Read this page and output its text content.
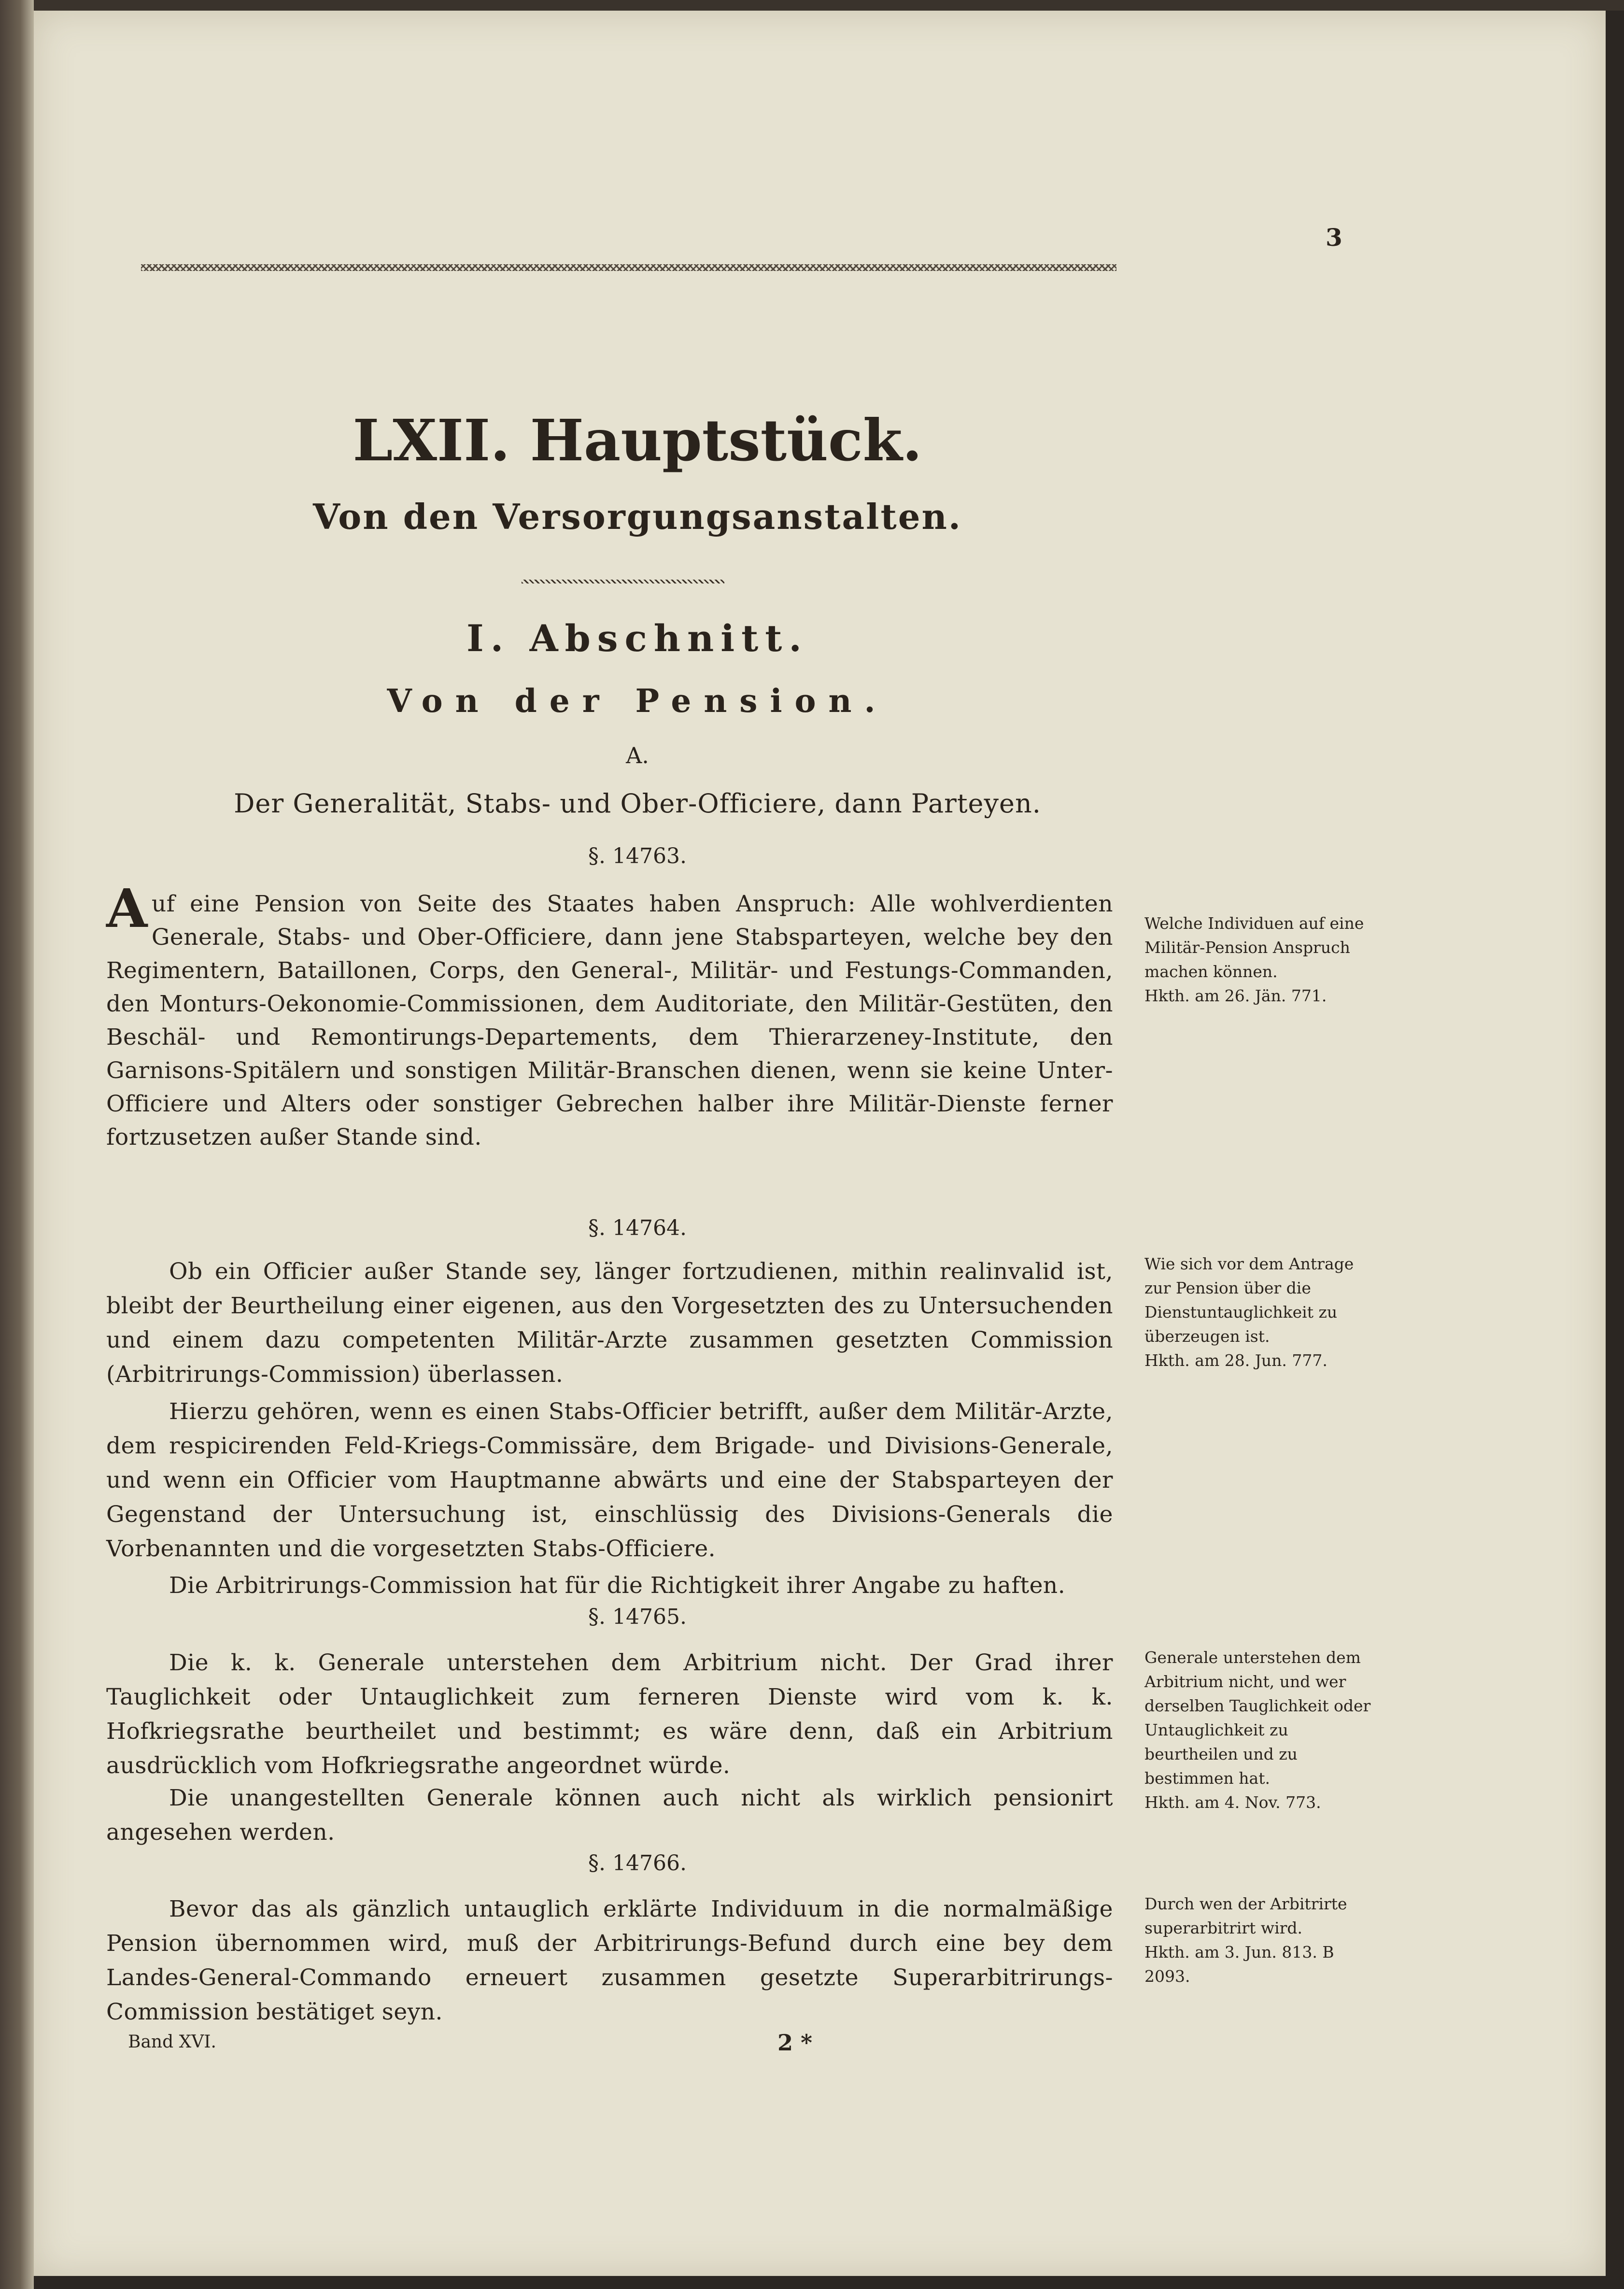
3
LXII. Hauptstück.
Von den Versorgungsanstalten.
I. Abschnitt.
Von der Pension.
A.
Der Generalität, Stabs- und Ober-Officiere, dann Parteyen.
§. 14763.
A uf eine Pension von Seite des Staates haben Anspruch: Alle wohlverdienten Generale, Stabs- und Ober-Officiere, dann jene Stabsparteyen, welche bey den Regimentern, Bataillonen, Corps, den General-, Militär- und Festungs-Commanden, den Monturs-Oekonomie-Commissionen, dem Auditoriate, den Militär-Gestüten, den Beschäl- und Remontirungs-Departements, dem Thierarzeney-Institute, den Garnisons-Spitälern und sonstigen Militär-Branschen dienen, wenn sie keine Unter-Officiere und Alters oder sonstiger Gebrechen halber ihre Militär-Dienste ferner fortzusetzen außer Stande sind.
Welche Individuen auf eine Militär-Pension Anspruch machen können.
Hkth. am 26. Jän. 771.
§. 14764.
Ob ein Officier außer Stande sey, länger fortzudienen, mithin realinvalid ist, bleibt der Beurtheilung einer eigenen, aus den Vorgesetzten des zu Untersuchenden und einem dazu competenten Militär-Arzte zusammen gesetzten Commission (Arbitrirungs-Commission) überlassen.
Hierzu gehören, wenn es einen Stabs-Officier betrifft, außer dem Militär-Arzte, dem respicirenden Feld-Kriegs-Commissäre, dem Brigade- und Divisions-Generale, und wenn ein Officier vom Hauptmanne abwärts und eine der Stabsparteyen der Gegenstand der Untersuchung ist, einschlüssig des Divisions-Generals die Vorbenannten und die vorgesetzten Stabs-Officiere.
Die Arbitrirungs-Commission hat für die Richtigkeit ihrer Angabe zu haften.
Wie sich vor dem Antrage zur Pension über die Dienstuntauglichkeit zu überzeugen ist.
Hkth. am 28. Jun. 777.
§. 14765.
Die k. k. Generale unterstehen dem Arbitrium nicht. Der Grad ihrer Tauglichkeit oder Untauglichkeit zum ferneren Dienste wird vom k. k. Hofkriegsrathe beurtheilet und bestimmt; es wäre denn, daß ein Arbitrium ausdrücklich vom Hofkriegsrathe angeordnet würde.
Die unangestellten Generale können auch nicht als wirklich pensionirt angesehen werden.
Generale unterstehen dem Arbitrium nicht, und wer derselben Tauglichkeit oder Untauglichkeit zu beurtheilen und zu bestimmen hat.
Hkth. am 4. Nov. 773.
§. 14766.
Bevor das als gänzlich untauglich erklärte Individuum in die normalmäßige Pension übernommen wird, muß der Arbitrirungs-Befund durch eine bey dem Landes-General-Commando erneuert zusammen gesetzte Superarbitrirungs-Commission bestätiget seyn.
Durch wen der Arbitrirte superarbitrirt wird.
Hkth. am 3. Jun. 813. B 2093.
Band XVI.	2 *
